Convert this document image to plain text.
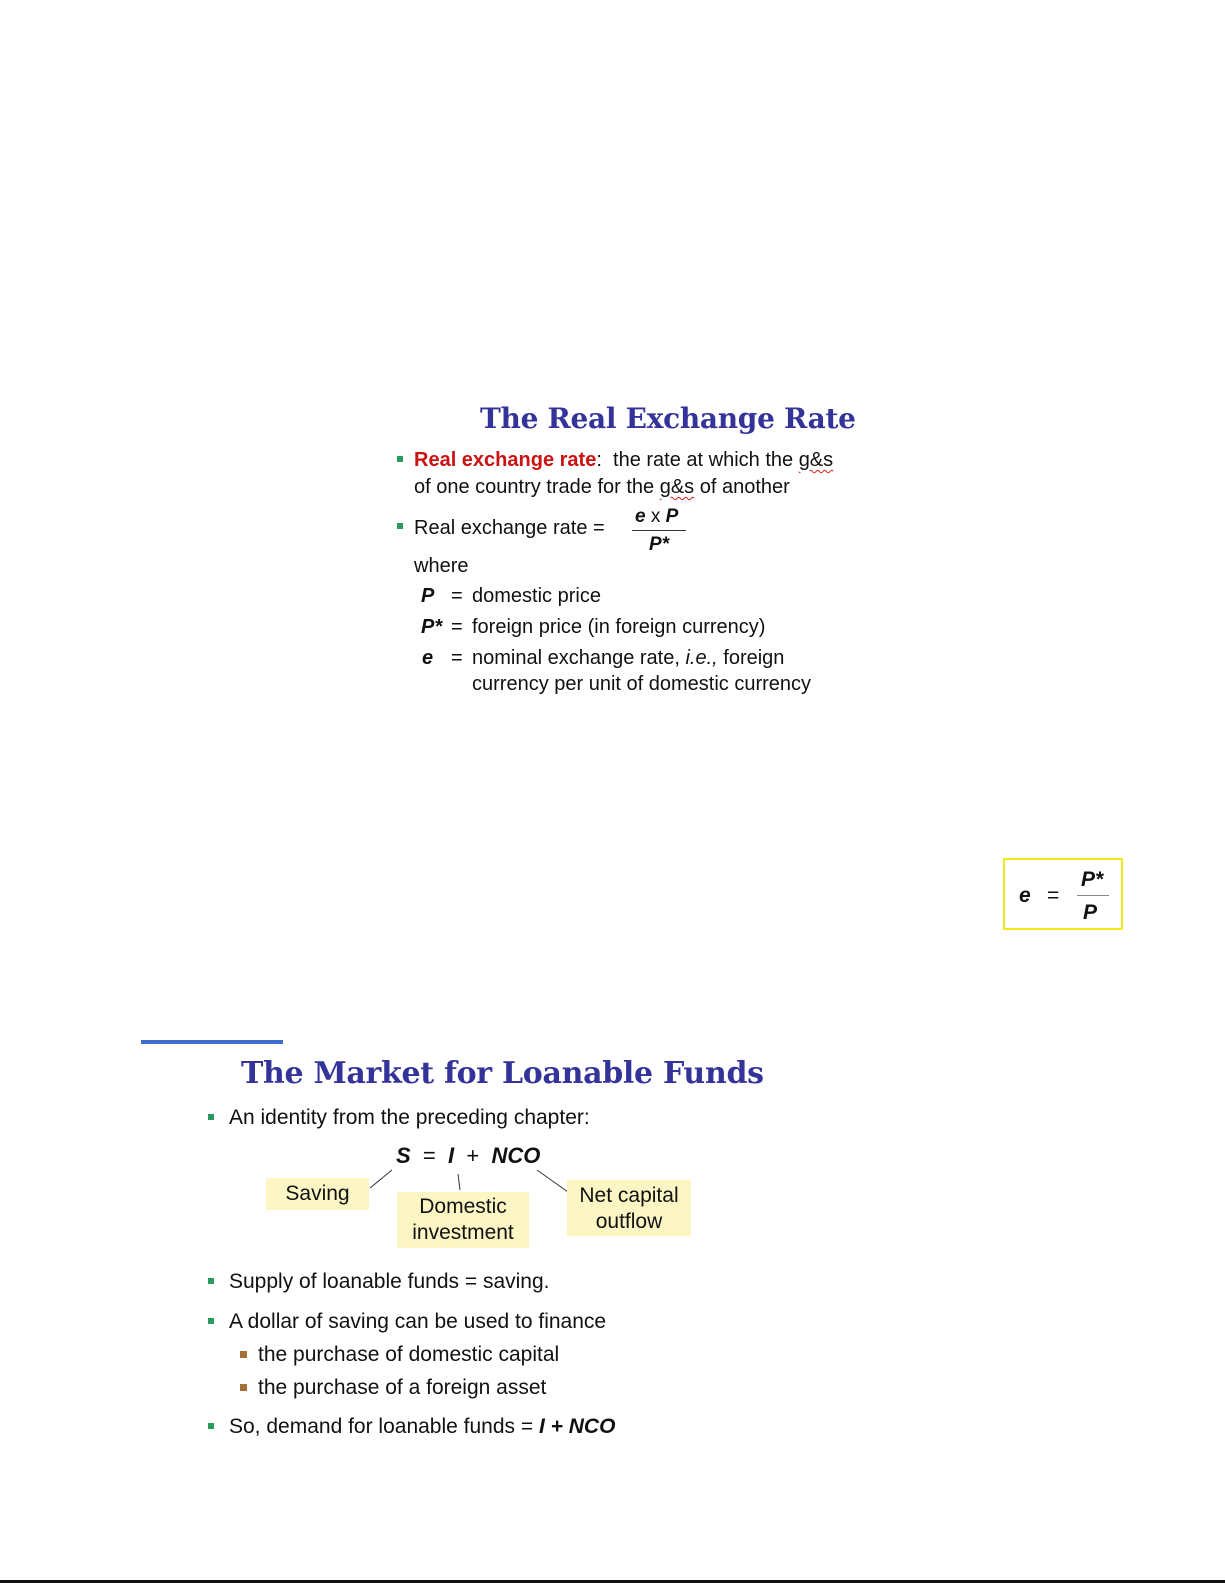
The Real Exchange Rate
Real exchange rate: the rate at which the g&s
of one country trade for the g&s of another
Real exchange rate =
e x P
P*
where
P = domestic price
P* = foreign price (in foreign currency)
e = nominal exchange rate, i.e., foreign
currency per unit of domestic currency
e =
P*
P
The Market for Loanable Funds
An identity from the preceding chapter:
S = I + NCO
Saving
Domestic
investment
Net capital
outflow
Supply of loanable funds = saving.
A dollar of saving can be used to finance
the purchase of domestic capital
the purchase of a foreign asset
So, demand for loanable funds = I + NCO
